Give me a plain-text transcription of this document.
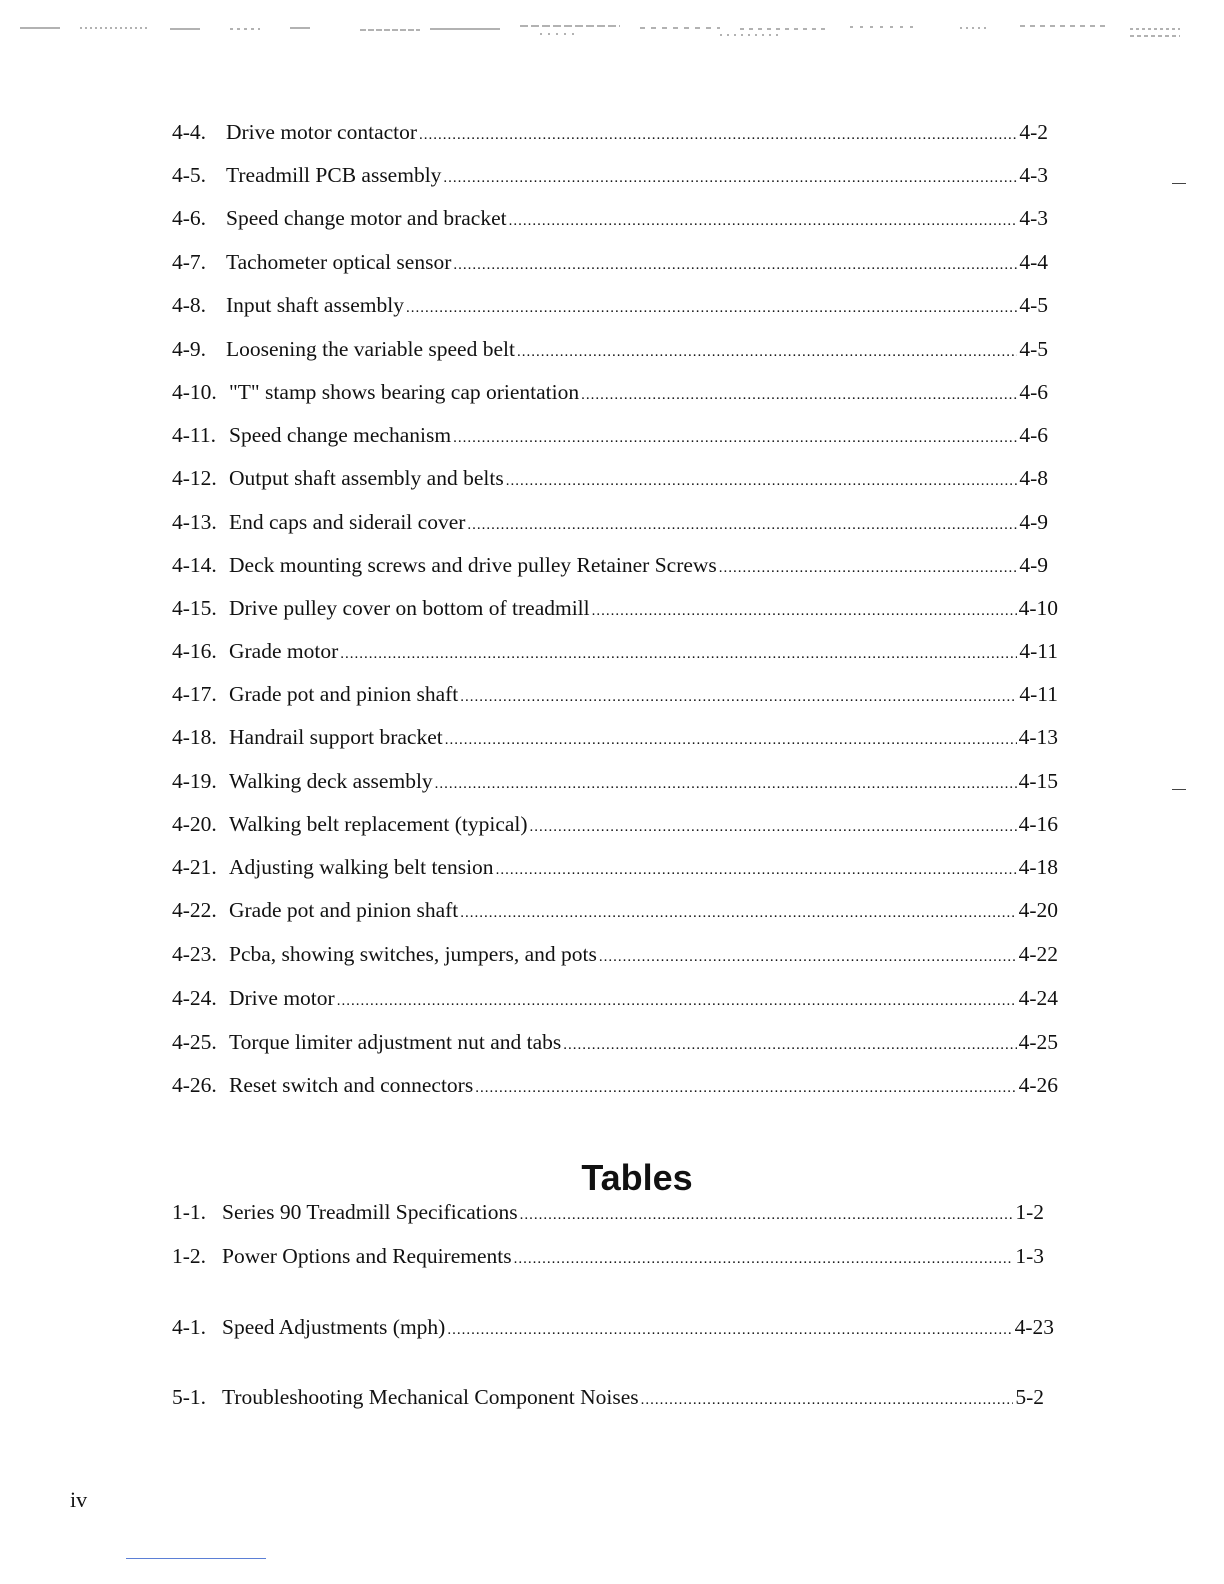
4-4. Drive motor contactor .....	4-2
4-5. Treadmill PCB assembly .....	4-3
4-6. Speed change motor and bracket .....	4-3
4-7. Tachometer optical sensor .....	4-4
4-8. Input shaft assembly .....	4-5
4-9. Loosening the variable speed belt .....	4-5
4-10. "T" stamp shows bearing cap orientation .....	4-6
4-11. Speed change mechanism .....	4-6
4-12. Output shaft assembly and belts .....	4-8
4-13. End caps and siderail cover .....	4-9
4-14. Deck mounting screws and drive pulley Retainer Screws .....	4-9
4-15. Drive pulley cover on bottom of treadmill .....	4-10
4-16. Grade motor .....	4-11
4-17. Grade pot and pinion shaft .....	4-11
4-18. Handrail support bracket .....	4-13
4-19. Walking deck assembly .....	4-15
4-20. Walking belt replacement (typical) .....	4-16
4-21. Adjusting walking belt tension .....	4-18
4-22. Grade pot and pinion shaft .....	4-20
4-23. Pcba, showing switches, jumpers, and pots .....	4-22
4-24. Drive motor .....	4-24
4-25. Torque limiter adjustment nut and tabs .....	4-25
4-26. Reset switch and connectors .....	4-26
Tables
1-1. Series 90 Treadmill Specifications .....	1-2
1-2. Power Options and Requirements .....	1-3
4-1. Speed Adjustments (mph) .....	4-23
5-1. Troubleshooting Mechanical Component Noises .....	5-2
iv
